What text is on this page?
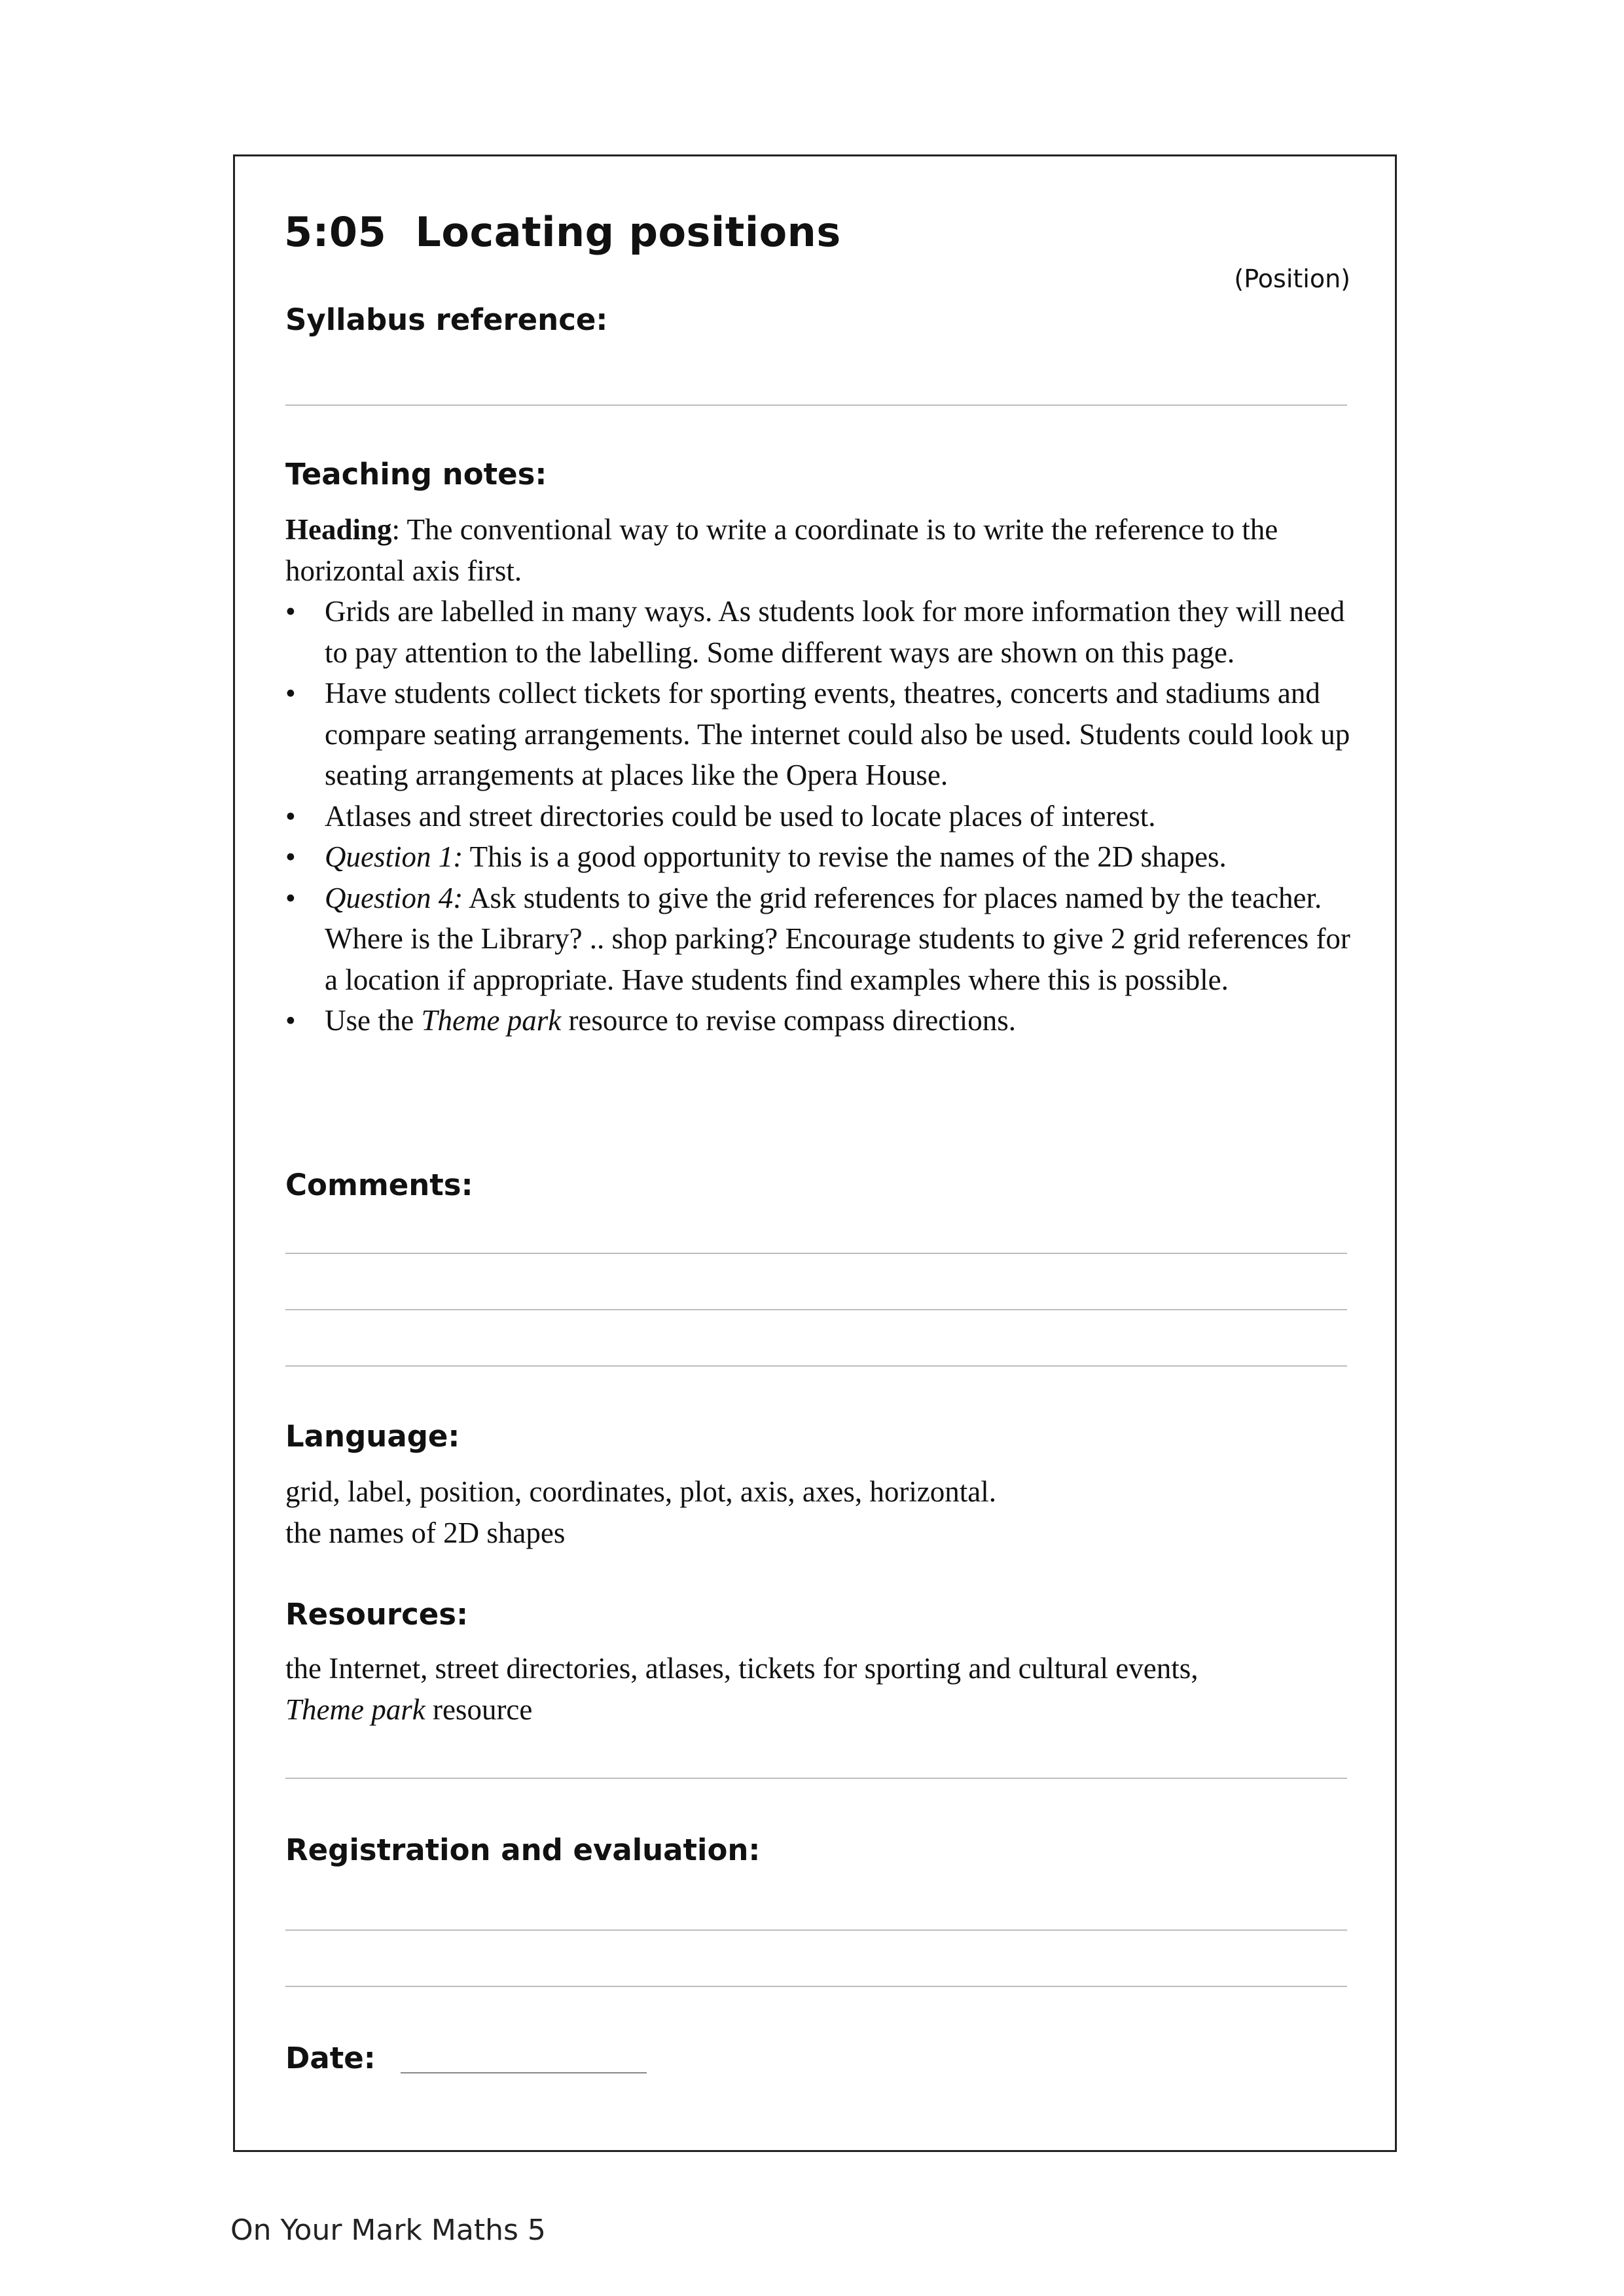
5:05  Locating positions
(Position)
Syllabus reference:
Teaching notes:

Heading: The conventional way to write a coordinate is to write the reference to the horizontal axis first.

• Grids are labelled in many ways. As students look for more information they will need to pay attention to the labelling. Some different ways are shown on this page.
• Have students collect tickets for sporting events, theatres, concerts and stadiums and compare seating arrangements. The internet could also be used. Students could look up seating arrangements at places like the Opera House.
• Atlases and street directories could be used to locate places of interest.
• Question 1: This is a good opportunity to revise the names of the 2D shapes.
• Question 4: Ask students to give the grid references for places named by the teacher. Where is the Library? .. shop parking? Encourage students to give 2 grid references for a location if appropriate. Have students find examples where this is possible.
• Use the Theme park resource to revise compass directions.
Comments:
Language:

grid, label, position, coordinates, plot, axis, axes, horizontal.

the names of 2D shapes

Resources:

the Internet, street directories, atlases, tickets for sporting and cultural events,

Theme park resource

Registration and evaluation:
Date:
On Your Mark Maths 5
